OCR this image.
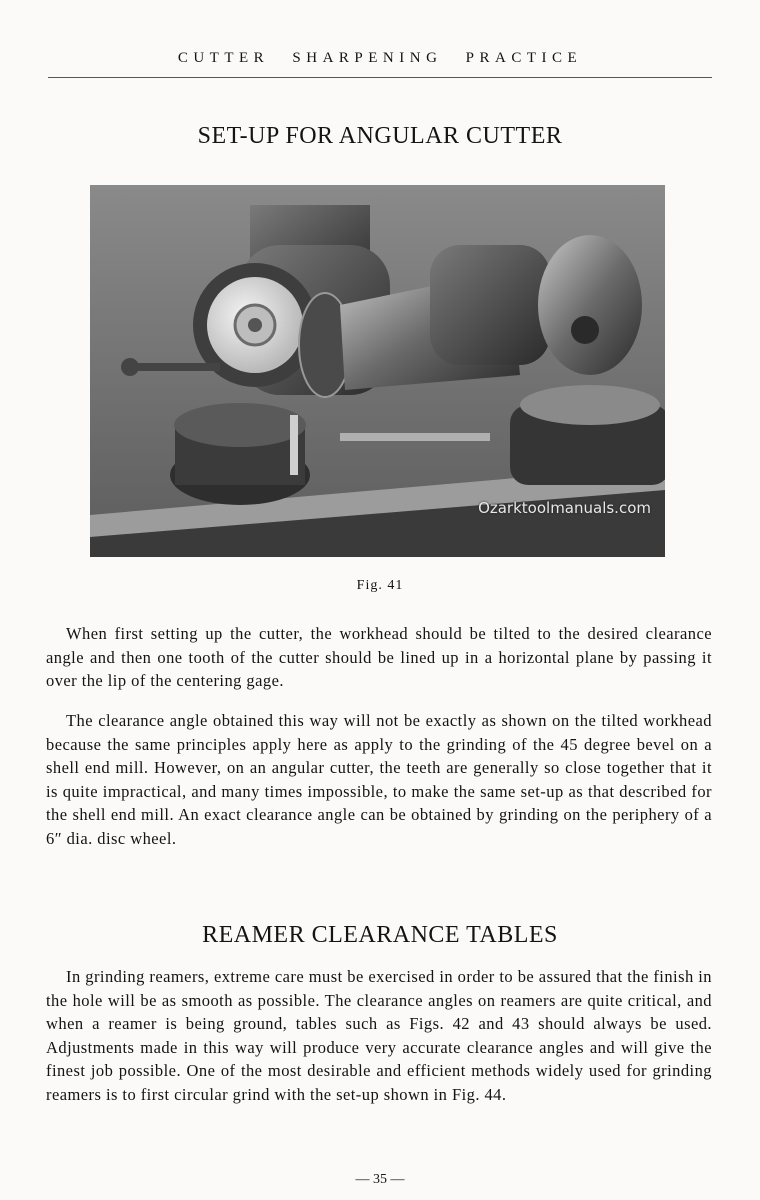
CUTTER SHARPENING PRACTICE
SET-UP FOR ANGULAR CUTTER
Ozarktoolmanuals.com
Fig. 41

When first setting up the cutter, the workhead should be tilted to the desired clearance angle and then one tooth of the cutter should be lined up in a horizontal plane by passing it over the lip of the centering gage.

The clearance angle obtained this way will not be exactly as shown on the tilted workhead because the same principles apply here as apply to the grinding of the 45 degree bevel on a shell end mill. However, on an angular cutter, the teeth are generally so close together that it is quite impractical, and many times impossible, to make the same set-up as that described for the shell end mill. An exact clearance angle can be obtained by grinding on the periphery of a 6″ dia. disc wheel.

REAMER CLEARANCE TABLES

In grinding reamers, extreme care must be exercised in order to be assured that the finish in the hole will be as smooth as possible. The clearance angles on reamers are quite critical, and when a reamer is being ground, tables such as Figs. 42 and 43 should always be used. Adjustments made in this way will produce very accurate clearance angles and will give the finest job possible. One of the most desirable and efficient methods widely used for grinding reamers is to first circular grind with the set-up shown in Fig. 44.

— 35 —
